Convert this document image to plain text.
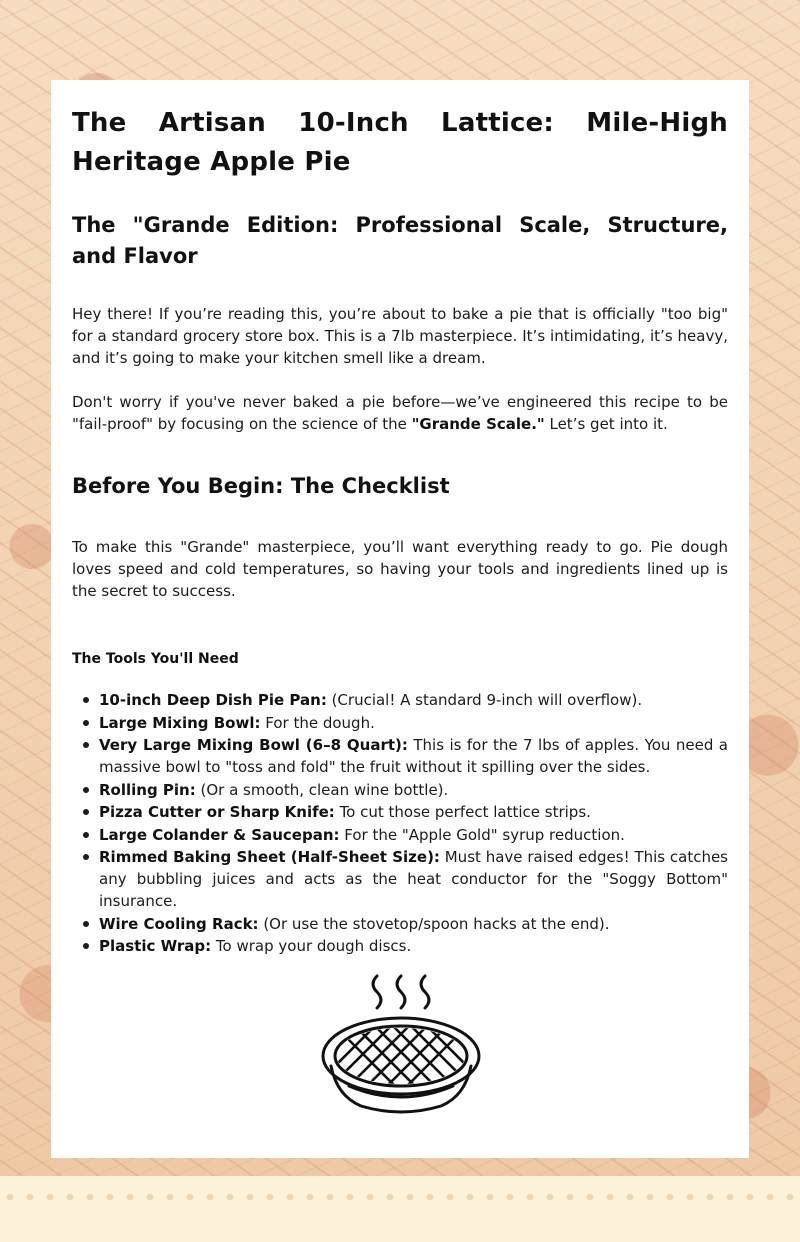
The Artisan 10-Inch Lattice: Mile-High Heritage Apple Pie
The "Grande Edition: Professional Scale, Structure, and Flavor

Hey there! If you’re reading this, you’re about to bake a pie that is officially "too big" for a standard grocery store box. This is a 7lb masterpiece. It’s intimidating, it’s heavy, and it’s going to make your kitchen smell like a dream.

Don't worry if you've never baked a pie before—we’ve engineered this recipe to be "fail-proof" by focusing on the science of the "Grande Scale." Let’s get into it.

Before You Begin: The Checklist

To make this "Grande" masterpiece, you’ll want everything ready to go. Pie dough loves speed and cold temperatures, so having your tools and ingredients lined up is the secret to success.

The Tools You'll Need
10-inch Deep Dish Pie Pan: (Crucial! A standard 9-inch will overflow).
Large Mixing Bowl: For the dough.
Very Large Mixing Bowl (6–8 Quart): This is for the 7 lbs of apples. You need a massive bowl to "toss and fold" the fruit without it spilling over the sides.
Rolling Pin: (Or a smooth, clean wine bottle).
Pizza Cutter or Sharp Knife: To cut those perfect lattice strips.
Large Colander & Saucepan: For the "Apple Gold" syrup reduction.
Rimmed Baking Sheet (Half-Sheet Size): Must have raised edges! This catches any bubbling juices and acts as the heat conductor for the "Soggy Bottom" insurance.
Wire Cooling Rack: (Or use the stovetop/spoon hacks at the end).
Plastic Wrap: To wrap your dough discs.
